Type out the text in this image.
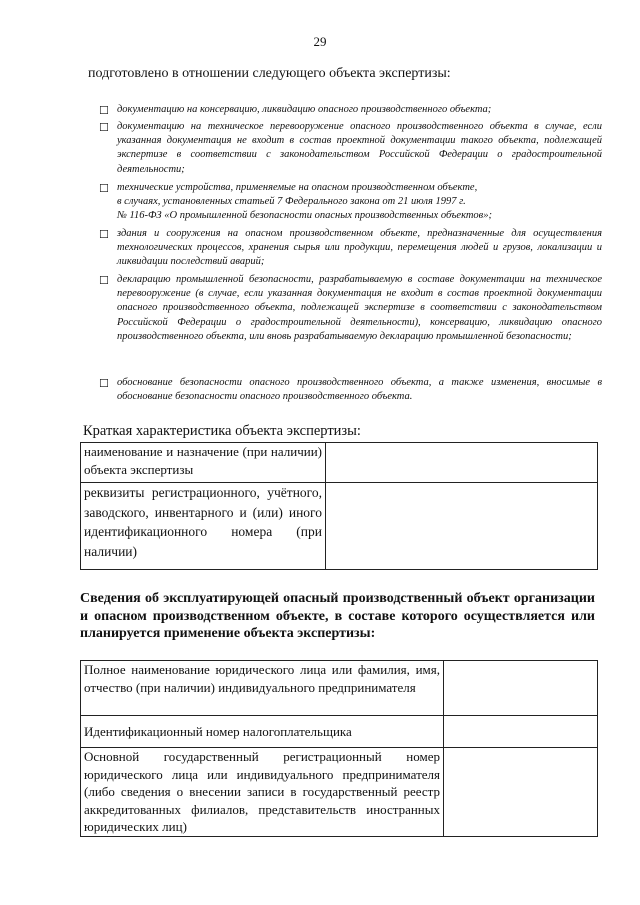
29
подготовлено в отношении следующего объекта экспертизы:
☐ документацию на консервацию, ликвидацию опасного производственного объекта;
☐ документацию на техническое перевооружение опасного производственного объекта в случае, если указанная документация не входит в состав проектной документации такого объекта, подлежащей экспертизе в соответствии с законодательством Российской Федерации о градостроительной деятельности;
☐ технические устройства, применяемые на опасном производственном объекте,
в случаях, установленных статьей 7 Федерального закона от 21 июля 1997 г.
№ 116-ФЗ «О промышленной безопасности опасных производственных объектов»;
☐ здания и сооружения на опасном производственном объекте, предназначенные для осуществления технологических процессов, хранения сырья или продукции, перемещения людей и грузов, локализации и ликвидации последствий аварий;
☐ декларацию промышленной безопасности, разрабатываемую в составе документации на техническое перевооружение (в случае, если указанная документация не входит в состав проектной документации опасного производственного объекта, подлежащей экспертизе в соответствии с законодательством Российской Федерации о градостроительной деятельности), консервацию, ликвидацию опасного производственного объекта, или вновь разрабатываемую декларацию промышленной безопасности;
☐ обоснование безопасности опасного производственного объекта, а также изменения, вносимые в обоснование безопасности опасного производственного объекта.
Краткая характеристика объекта экспертизы:
наименование и назначение (при наличии) объекта экспертизы	
реквизиты регистрационного, учётного, заводского, инвентарного и (или) иного идентификационного номера (при наличии)	
Сведения об эксплуатирующей опасный производственный объект организации и опасном производственном объекте, в составе которого осуществляется или планируется применение объекта экспертизы:
Полное наименование юридического лица или фамилия, имя, отчество (при наличии) индивидуального предпринимателя	
Идентификационный номер налогоплательщика	
Основной государственный регистрационный номер юридического лица или индивидуального предпринимателя (либо сведения о внесении записи в государственный реестр аккредитованных филиалов, представительств иностранных юридических лиц)	
